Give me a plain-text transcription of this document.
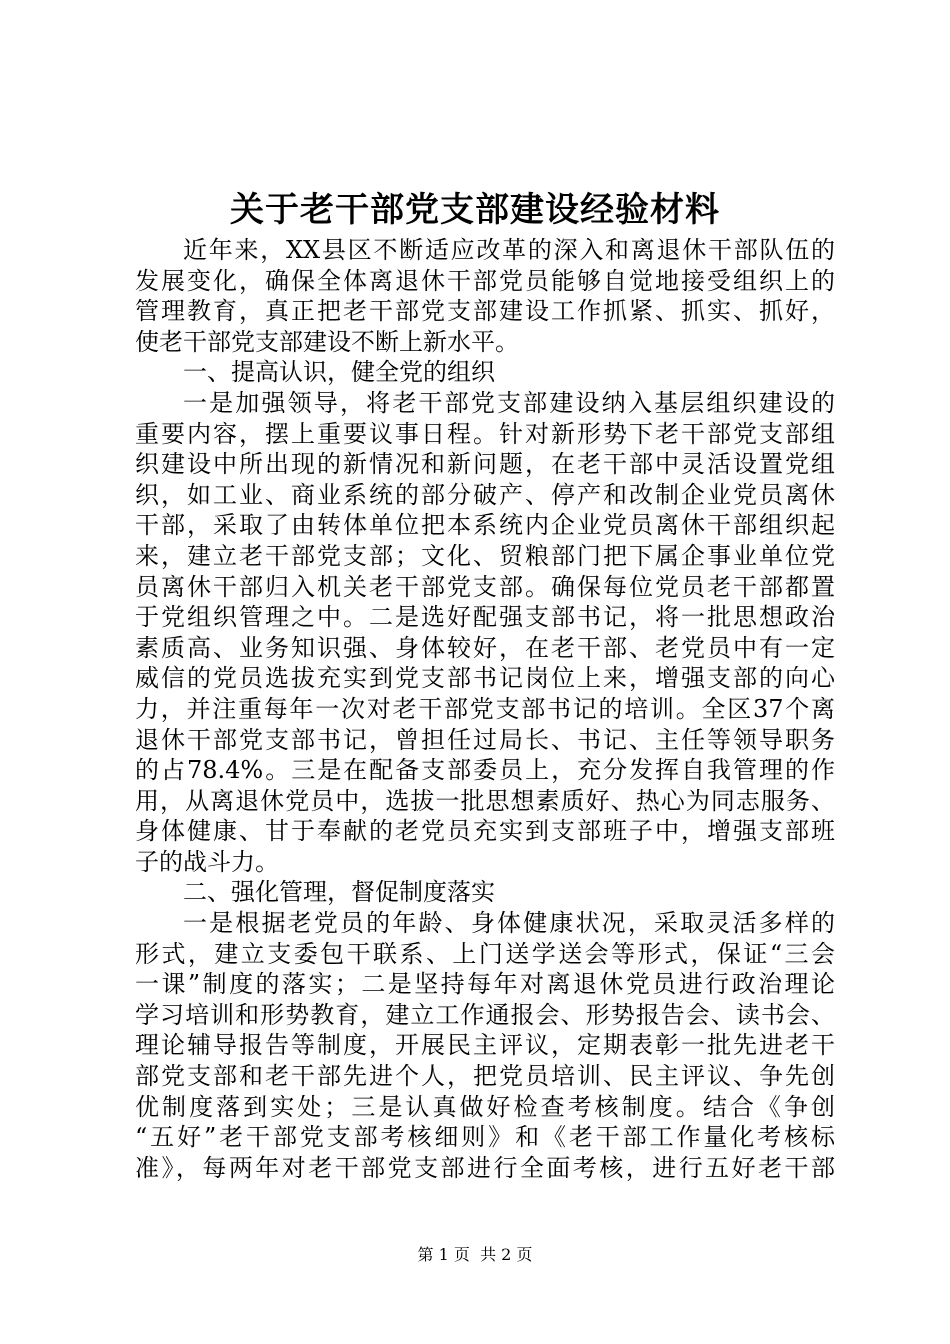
关于老干部党支部建设经验材料
近年来，XX县区不断适应改革的深入和离退休干部队伍的
发展变化，确保全体离退休干部党员能够自觉地接受组织上的
管理教育，真正把老干部党支部建设工作抓紧、抓实、抓好，
使老干部党支部建设不断上新水平。
一、提高认识，健全党的组织
一是加强领导，将老干部党支部建设纳入基层组织建设的
重要内容，摆上重要议事日程。针对新形势下老干部党支部组
织建设中所出现的新情况和新问题，在老干部中灵活设置党组
织，如工业、商业系统的部分破产、停产和改制企业党员离休
干部，采取了由转体单位把本系统内企业党员离休干部组织起
来，建立老干部党支部；文化、贸粮部门把下属企事业单位党
员离休干部归入机关老干部党支部。确保每位党员老干部都置
于党组织管理之中。二是选好配强支部书记，将一批思想政治
素质高、业务知识强、身体较好，在老干部、老党员中有一定
威信的党员选拔充实到党支部书记岗位上来，增强支部的向心
力，并注重每年一次对老干部党支部书记的培训。全区37个离
退休干部党支部书记，曾担任过局长、书记、主任等领导职务
的占78.4%。三是在配备支部委员上，充分发挥自我管理的作
用，从离退休党员中，选拔一批思想素质好、热心为同志服务、
身体健康、甘于奉献的老党员充实到支部班子中，增强支部班
子的战斗力。
二、强化管理，督促制度落实
一是根据老党员的年龄、身体健康状况，采取灵活多样的
形式，建立支委包干联系、上门送学送会等形式，保证“三会
一课”制度的落实；二是坚持每年对离退休党员进行政治理论
学习培训和形势教育，建立工作通报会、形势报告会、读书会、
理论辅导报告等制度，开展民主评议，定期表彰一批先进老干
部党支部和老干部先进个人，把党员培训、民主评议、争先创
优制度落到实处；三是认真做好检查考核制度。结合《争创
“五好”老干部党支部考核细则》和《老干部工作量化考核标
准》，每两年对老干部党支部进行全面考核，进行五好老干部
第 1 页  共 2 页
